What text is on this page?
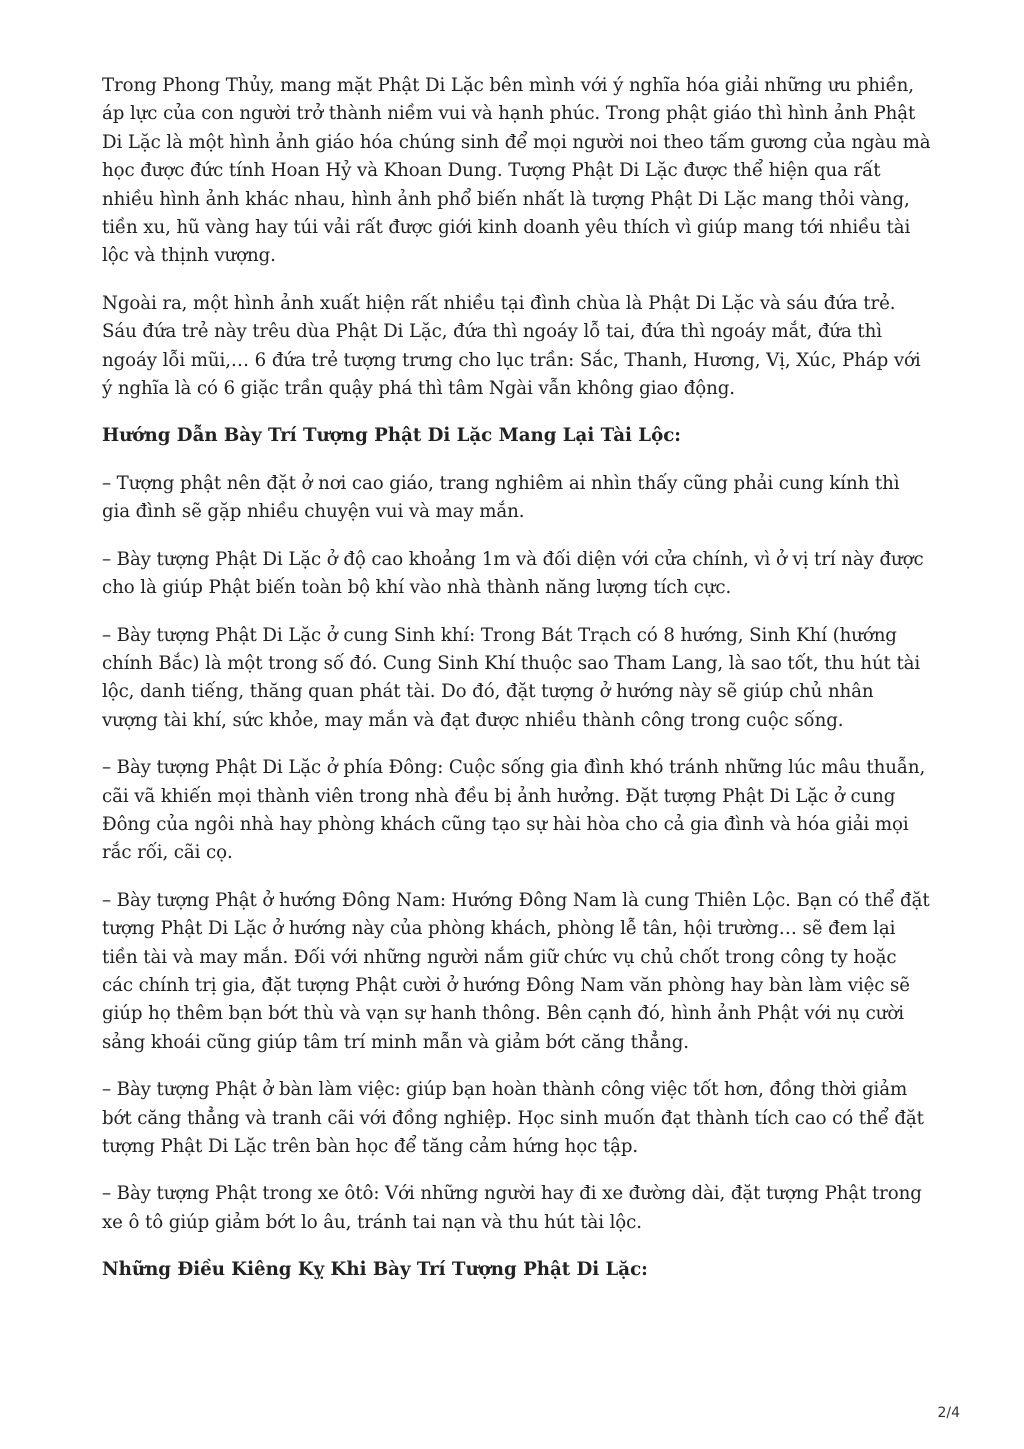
Trong Phong Thủy, mang mặt Phật Di Lặc bên mình với ý nghĩa hóa giải những ưu phiền, áp lực của con người trở thành niềm vui và hạnh phúc. Trong phật giáo thì hình ảnh Phật Di Lặc là một hình ảnh giáo hóa chúng sinh để mọi người noi theo tấm gương của ngàu mà học được đức tính Hoan Hỷ và Khoan Dung. Tượng Phật Di Lặc được thể hiện qua rất nhiều hình ảnh khác nhau, hình ảnh phổ biến nhất là tượng Phật Di Lặc mang thỏi vàng, tiền xu, hũ vàng hay túi vải rất được giới kinh doanh yêu thích vì giúp mang tới nhiều tài lộc và thịnh vượng.

Ngoài ra, một hình ảnh xuất hiện rất nhiều tại đình chùa là Phật Di Lặc và sáu đứa trẻ. Sáu đứa trẻ này trêu dùa Phật Di Lặc, đứa thì ngoáy lỗ tai, đứa thì ngoáy mắt, đứa thì ngoáy lỗi mũi,… 6 đứa trẻ tượng trưng cho lục trần: Sắc, Thanh, Hương, Vị, Xúc, Pháp với ý nghĩa là có 6 giặc trần quậy phá thì tâm Ngài vẫn không giao động.

Hướng Dẫn Bày Trí Tượng Phật Di Lặc Mang Lại Tài Lộc:

– Tượng phật nên đặt ở nơi cao giáo, trang nghiêm ai nhìn thấy cũng phải cung kính thì gia đình sẽ gặp nhiều chuyện vui và may mắn.

– Bày tượng Phật Di Lặc ở độ cao khoảng 1m và đối diện với cửa chính, vì ở vị trí này được cho là giúp Phật biến toàn bộ khí vào nhà thành năng lượng tích cực.

– Bày tượng Phật Di Lặc ở cung Sinh khí: Trong Bát Trạch có 8 hướng, Sinh Khí (hướng chính Bắc) là một trong số đó. Cung Sinh Khí thuộc sao Tham Lang, là sao tốt, thu hút tài lộc, danh tiếng, thăng quan phát tài. Do đó, đặt tượng ở hướng này sẽ giúp chủ nhân vượng tài khí, sức khỏe, may mắn và đạt được nhiều thành công trong cuộc sống.

– Bày tượng Phật Di Lặc ở phía Đông: Cuộc sống gia đình khó tránh những lúc mâu thuẫn, cãi vã khiến mọi thành viên trong nhà đều bị ảnh hưởng. Đặt tượng Phật Di Lặc ở cung Đông của ngôi nhà hay phòng khách cũng tạo sự hài hòa cho cả gia đình và hóa giải mọi rắc rối, cãi cọ.

– Bày tượng Phật ở hướng Đông Nam: Hướng Đông Nam là cung Thiên Lộc. Bạn có thể đặt tượng Phật Di Lặc ở hướng này của phòng khách, phòng lễ tân, hội trường… sẽ đem lại tiền tài và may mắn. Đối với những người nắm giữ chức vụ chủ chốt trong công ty hoặc các chính trị gia, đặt tượng Phật cười ở hướng Đông Nam văn phòng hay bàn làm việc sẽ giúp họ thêm bạn bớt thù và vạn sự hanh thông. Bên cạnh đó, hình ảnh Phật với nụ cười sảng khoái cũng giúp tâm trí minh mẫn và giảm bớt căng thẳng.

– Bày tượng Phật ở bàn làm việc: giúp bạn hoàn thành công việc tốt hơn, đồng thời giảm bớt căng thẳng và tranh cãi với đồng nghiệp. Học sinh muốn đạt thành tích cao có thể đặt tượng Phật Di Lặc trên bàn học để tăng cảm hứng học tập.

– Bày tượng Phật trong xe ôtô: Với những người hay đi xe đường dài, đặt tượng Phật trong xe ô tô giúp giảm bớt lo âu, tránh tai nạn và thu hút tài lộc.

Những Điều Kiêng Kỵ Khi Bày Trí Tượng Phật Di Lặc:

2/4
